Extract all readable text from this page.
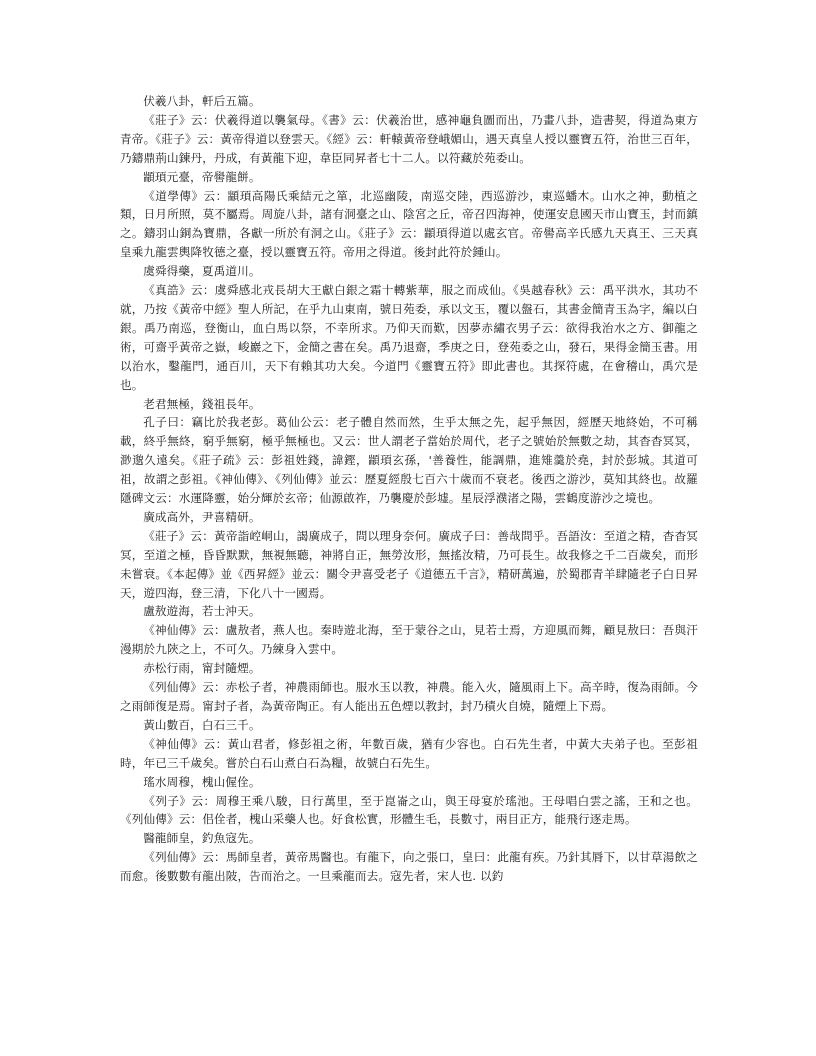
伏羲八卦，軒后五篇。

《莊子》云：伏羲得道以襲氣母。《書》云：伏羲治世，感神龜負圖而出，乃畫八卦，造書契，得道為東方青帝。《莊子》云：黃帝得道以登雲天。《經》云：軒轅黃帝登峨媚山，遇天真皇人授以靈寶五符，治世三百年，乃鑄鼎荊山鍊丹，丹成，有黃龍下迎，韋臣同昇者七十二人。以符藏於苑委山。

顓頊元臺，帝嚳龍餅。

《道學傳》云：顓頊高陽氏乘結元之箪，北巡幽陵，南巡交陸，西巡游沙，東巡蟠木。山水之神，動植之類，日月所照，莫不屬焉。周旋八卦，諸有洞臺之山、陰宮之丘，帝召四海神，使運安息國天市山寶玉，封而鎮之。鑄羽山銅為寶鼎，各獻一所於有洞之山。《莊子》云：顓頊得道以處玄官。帝嚳高辛氏感九天真王、三天真皇乘九龍雲輿降牧德之臺，授以靈寶五符。帝用之得道。後封此符於鍾山。

虞舜得藥，夏禹道川。

《真誥》云：虞舜感北戎長胡大王獻白銀之霜十轉紫華，服之而成仙。《吳越春秋》云：禹平洪水，其功不就，乃按《黃帝中經》聖人所記，在乎九山東南，號日苑委，承以文玉，覆以盤石，其書金簡青玉為字，編以白銀。禹乃南巡，登衡山，血白馬以祭，不幸所求。乃仰天而歎，因夢赤繡衣男子云：欲得我治水之方、御龍之術，可齋乎黃帝之嶽，峻巖之下，金簡之書在矣。禹乃退齋，季庚之日，登苑委之山，發石，果得金簡玉書。用以治水，鑿龍門，通百川，天下有賴其功大矣。今道門《靈寶五符》即此書也。其探符處，在會稽山，禹穴是也。

老君無極，錢祖長年。

孔子曰：竊比於我老彭。葛仙公云：老子體自然而然，生乎太無之先，起乎無因，經歷天地終始，不可稱載，終乎無終，窮乎無窮，極乎無極也。又云：世人謂老子當始於周代，老子之號始於無數之劫，其杳杳冥冥，渺邈久遠矣。《莊子疏》云：彭祖姓錢，諱鏗，顓頊玄孫，'善養性，能調鼎，進雉羹於堯，封於彭城。其道可祖，故謂之彭祖。《神仙傳》、《列仙傳》並云：歷夏經殷七百六十歲而不衰老。後西之游沙，莫知其終也。故羅隱碑文云：水運降靈，始分輝於玄帝；仙源啟祚，乃襲慶於彭墟。星辰浮濮渚之陽，雲鶴度游沙之境也。

廣成高外，尹喜精研。

《莊子》云：黃帝詣崆峒山，謁廣成子，問以理身奈何。廣成子曰：善哉問乎。吾語汝：至道之精，杳杳冥冥，至道之極，昏昏默默，無視無聽，神將自正，無勞汝形，無搖汝精，乃可長生。故我修之千二百歲矣，而形未嘗衰。《本起傳》並《西昇經》並云：關令尹喜受老子《道德五千言》，精研萬遍，於蜀郡青羊肆隨老子白日昇天，遊四海，登三清，下化八十一國焉。

盧敖遊海，若士沖天。

《神仙傳》云：盧敖者，燕人也。秦時遊北海，至于蒙谷之山，見若士焉，方迎風而舞，顧見敖曰：吾與汗漫期於九陝之上，不可久。乃練身入雲中。

赤松行雨，甯封隨煙。

《列仙傳》云：赤松子者，神農雨師也。服水玉以教，神農。能入火，隨風雨上下。高辛時，復為雨師。今之雨師復是焉。甯封子者，為黃帝陶正。有人能出五色煙以教封，封乃積火自燒，隨煙上下焉。

黃山數百，白石三千。

《神仙傳》云：黃山君者，修彭祖之術，年數百歲，猶有少容也。白石先生者，中黃大夫弟子也。至彭祖時，年已三千歲矣。嘗於白石山煮白石為糧，故號白石先生。

瑤水周穆，槐山偓佺。

《列子》云：周穆王乘八駿，日行萬里，至于崑崙之山，與王母宴於瑤池。王母唱白雲之謠，王和之也。《列仙傳》云：佀佺者，槐山采藥人也。好食松實，形體生毛，長數寸，兩目正方，能飛行逐走馬。

醫龍師皇，釣魚寇先。

《列仙傳》云：馬師皇者，黃帝馬醫也。有龍下，向之張口，皇曰：此龍有疾。乃針其脣下，以甘草湯飲之而愈。後數數有龍出陂，告而治之。一旦乘龍而去。寇先者，宋人也. 以釣
